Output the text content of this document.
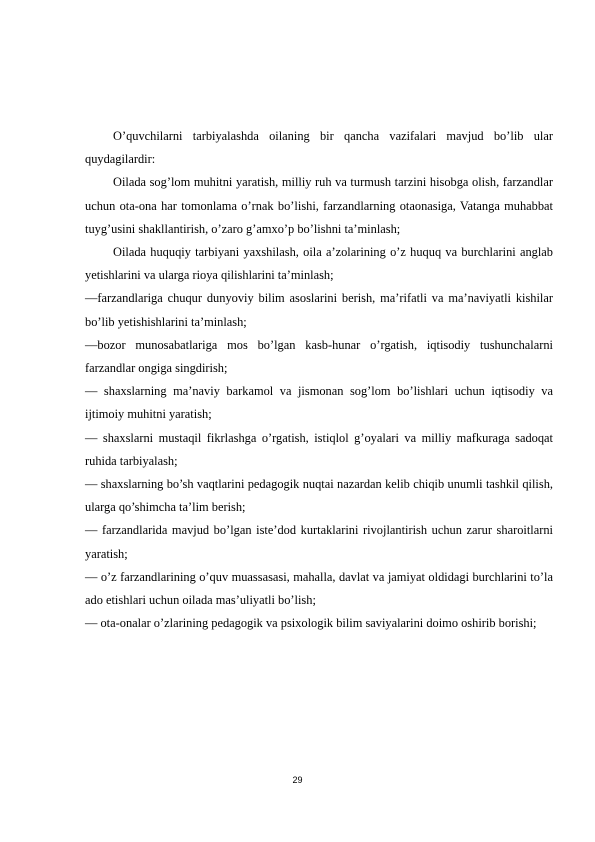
O’quvchilarni tarbiyalashda oilaning bir qancha vazifalari mavjud bo’lib ular quydagilardir:

Oilada sog’lom muhitni yaratish, milliy ruh va turmush tarzini hisobga olish, farzandlar uchun ota-ona har tomonlama o’rnak bo’lishi, farzandlarning otaonasiga, Vatanga muhabbat tuyg’usini shakllantirish, o’zaro g’amxo’p bo’lishni ta’minlash;

Oilada huquqiy tarbiyani yaxshilash, oila a’zolarining o’z huquq va burchlarini anglab yetishlarini va ularga rioya qilishlarini ta’minlash;

—farzandlariga chuqur dunyoviy bilim asoslarini berish, ma’rifatli va ma’naviyatli kishilar bo’lib yetishishlarini ta’minlash;

—bozor munosabatlariga mos bo’lgan kasb-hunar o’rgatish, iqtisodiy tushunchalarni farzandlar ongiga singdirish;

— shaxslarning ma’naviy barkamol va jismonan sog’lom bo’lishlari uchun iqtisodiy va ijtimoiy muhitni yaratish;

— shaxslarni mustaqil fikrlashga o’rgatish, istiqlol g’oyalari va milliy mafkuraga sadoqat ruhida tarbiyalash;

— shaxslarning bo’sh vaqtlarini pedagogik nuqtai nazardan kelib chiqib unumli tashkil qilish, ularga qo’shimcha ta’lim berish;

— farzandlarida mavjud bo’lgan iste’dod kurtaklarini rivojlantirish uchun zarur sharoitlarni yaratish;

— o’z farzandlarining o’quv muassasasi, mahalla, davlat va jamiyat oldidagi burchlarini to’la ado etishlari uchun oilada mas’uliyatli bo’lish;

— ota-onalar o’zlarining pedagogik va psixologik bilim saviyalarini doimo oshirib borishi;

29
